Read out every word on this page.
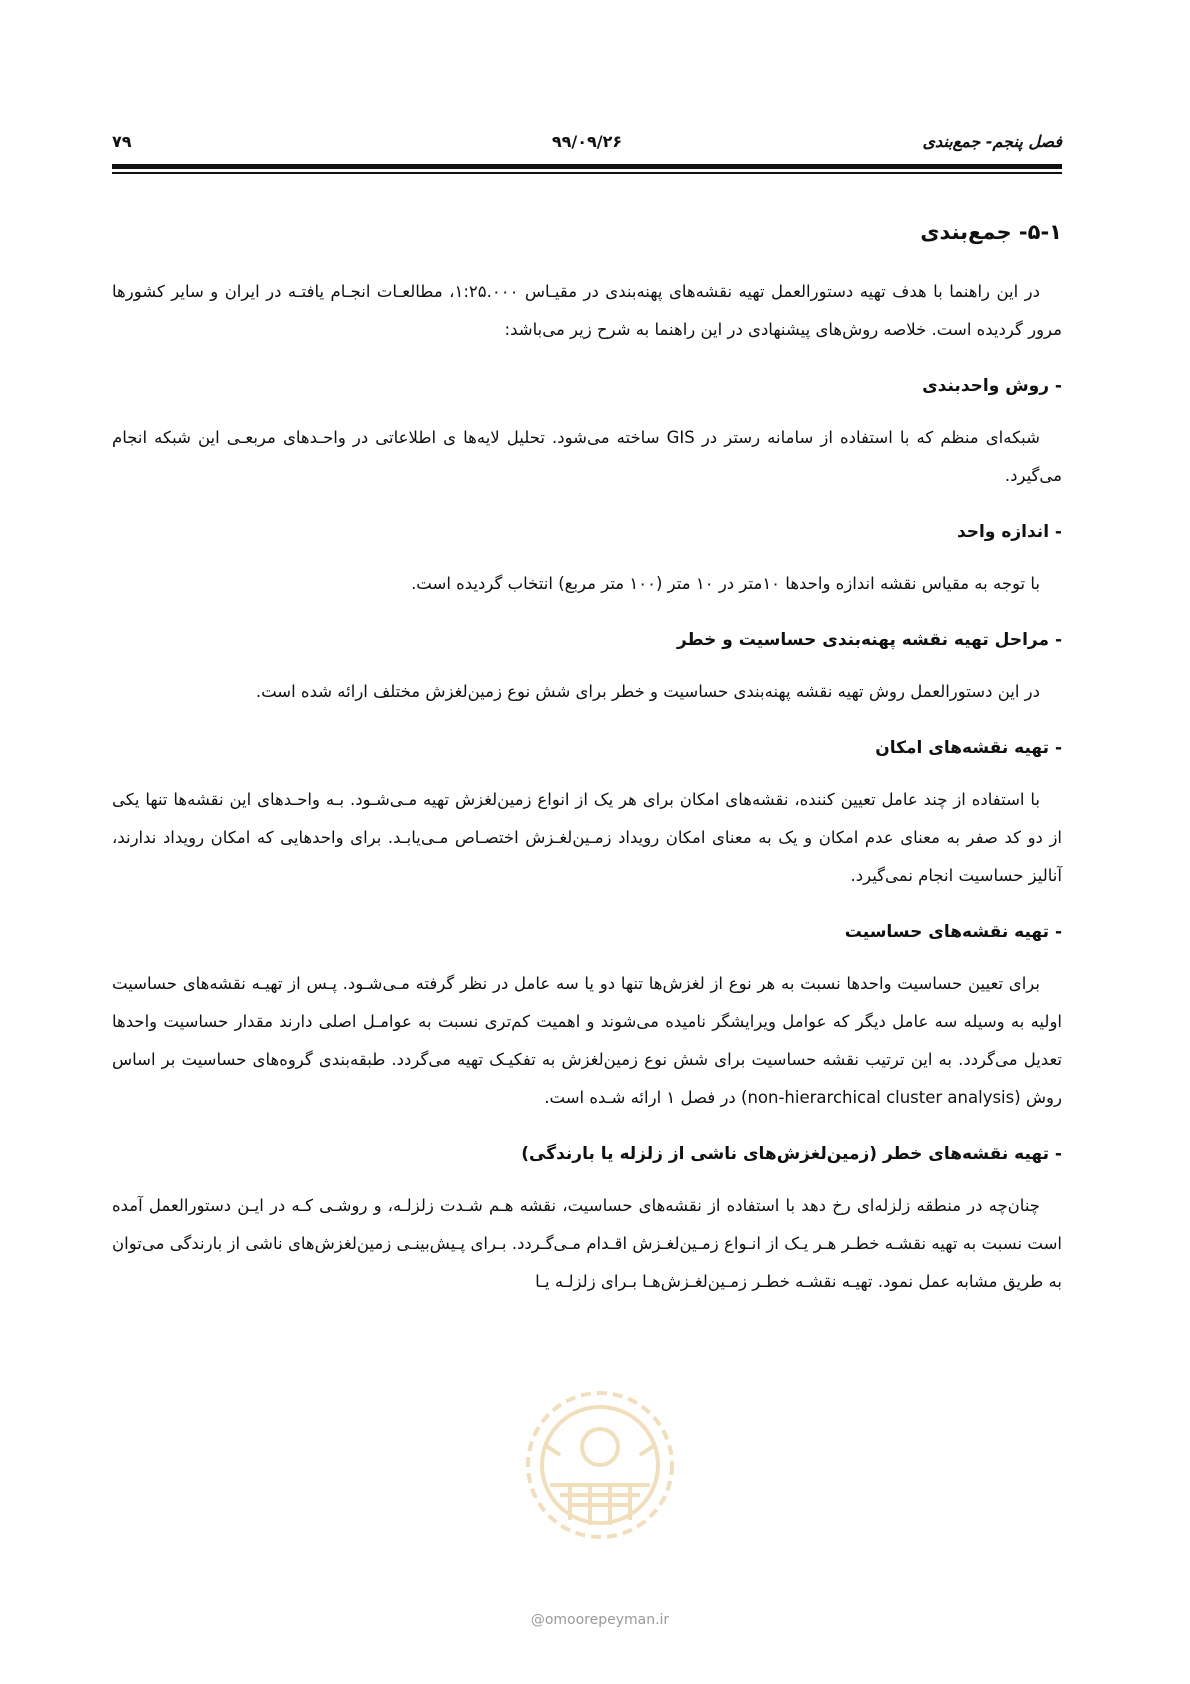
فصل پنجم- جمع‌بندی
۹۹/۰۹/۲۶
۷۹
۵-۱- جمع‌بندی

در این راهنما با هدف تهیه دستورالعمل تهیه نقشه‌های پهنه‌بندی در مقیـاس ۱:۲۵.۰۰۰، مطالعـات انجـام یافتـه در ایران و سایر کشورها مرور گردیده است. خلاصه روش‌های پیشنهادی در این راهنما به شرح زیر می‌باشد:

- روش واحدبندی

شبکه‌ای منظم که با استفاده از سامانه رستر در GIS ساخته می‌شود. تحلیل لایه‌ها ی اطلاعاتی در واحـدهای مربعـی این شبکه انجام می‌گیرد.

- اندازه واحد

با توجه به مقیاس نقشه اندازه واحدها ۱۰متر در ۱۰ متر (۱۰۰ متر مربع) انتخاب گردیده است.

- مراحل تهیه نقشه پهنه‌بندی حساسیت و خطر

در این دستورالعمل روش تهیه نقشه پهنه‌بندی حساسیت و خطر برای شش نوع زمین‌لغزش مختلف ارائه شده است.

- تهیه نقشه‌های امکان

با استفاده از چند عامل تعیین کننده، نقشه‌های امکان برای هر یک از انواع زمین‌لغزش تهیه مـی‌شـود. بـه واحـدهای این نقشه‌ها تنها یکی از دو کد صفر به معنای عدم امکان و یک به معنای امکان رویداد زمـین‌لغـزش اختصـاص مـی‌یابـد. برای واحدهایی که امکان رویداد ندارند، آنالیز حساسیت انجام نمی‌گیرد.

- تهیه نقشه‌های حساسیت

برای تعیین حساسیت واحدها نسبت به هر نوع از لغزش‌ها تنها دو یا سه عامل در نظر گرفته مـی‌شـود. پـس از تهیـه نقشه‌های حساسیت اولیه به وسیله سه عامل دیگر که عوامل ویرایشگر نامیده می‌شوند و اهمیت کم‌تری نسبت به عوامـل اصلی دارند مقدار حساسیت واحدها تعدیل می‌گردد. به این ترتیب نقشه حساسیت برای شش نوع زمین‌لغزش به تفکیـک تهیه می‌گردد. طبقه‌بندی گروه‌های حساسیت بر اساس روش (non-hierarchical cluster analysis) در فصل ۱ ارائه شـده است.

- تهیه نقشه‌های خطر (زمین‌لغزش‌های ناشی از زلزله یا بارندگی)

چنان‌چه در منطقه زلزله‌ای رخ دهد با استفاده از نقشه‌های حساسیت، نقشه هـم شـدت زلزلـه، و روشـی کـه در ایـن دستورالعمل آمده است نسبت به تهیه نقشـه خطـر هـر یـک از انـواع زمـین‌لغـزش اقـدام مـی‌گـردد. بـرای پـیش‌بینـی زمین‌لغزش‌های ناشی از بارندگی می‌توان به طریق مشابه عمل نمود. تهیـه نقشـه خطـر زمـین‌لغـزش‌هـا بـرای زلزلـه یـا

@omoorepeyman.ir
